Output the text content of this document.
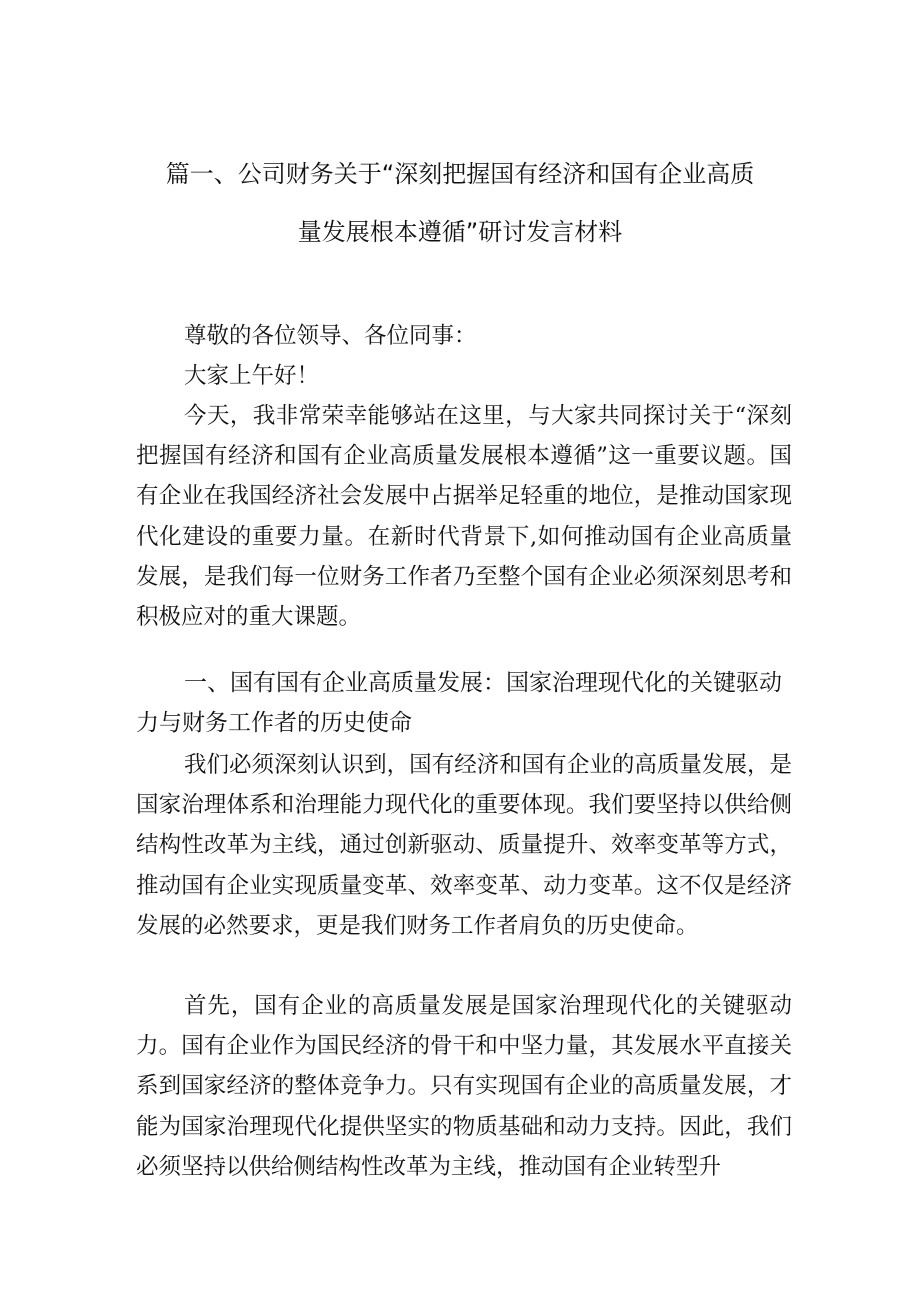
篇一、公司财务关于“深刻把握国有经济和国有企业高质
量发展根本遵循”研讨发言材料

尊敬的各位领导、各位同事：

大家上午好！

今天，我非常荣幸能够站在这里，与大家共同探讨关于“深刻把握国有经济和国有企业高质量发展根本遵循”这一重要议题。国有企业在我国经济社会发展中占据举足轻重的地位，是推动国家现代化建设的重要力量。在新时代背景下,如何推动国有企业高质量发展，是我们每一位财务工作者乃至整个国有企业必须深刻思考和积极应对的重大课题。

一、国有国有企业高质量发展：国家治理现代化的关键驱动力与财务工作者的历史使命

我们必须深刻认识到，国有经济和国有企业的高质量发展，是国家治理体系和治理能力现代化的重要体现。我们要坚持以供给侧结构性改革为主线，通过创新驱动、质量提升、效率变革等方式，推动国有企业实现质量变革、效率变革、动力变革。这不仅是经济发展的必然要求，更是我们财务工作者肩负的历史使命。

首先，国有企业的高质量发展是国家治理现代化的关键驱动力。国有企业作为国民经济的骨干和中坚力量，其发展水平直接关系到国家经济的整体竞争力。只有实现国有企业的高质量发展，才能为国家治理现代化提供坚实的物质基础和动力支持。因此，我们必须坚持以供给侧结构性改革为主线，推动国有企业转型升
